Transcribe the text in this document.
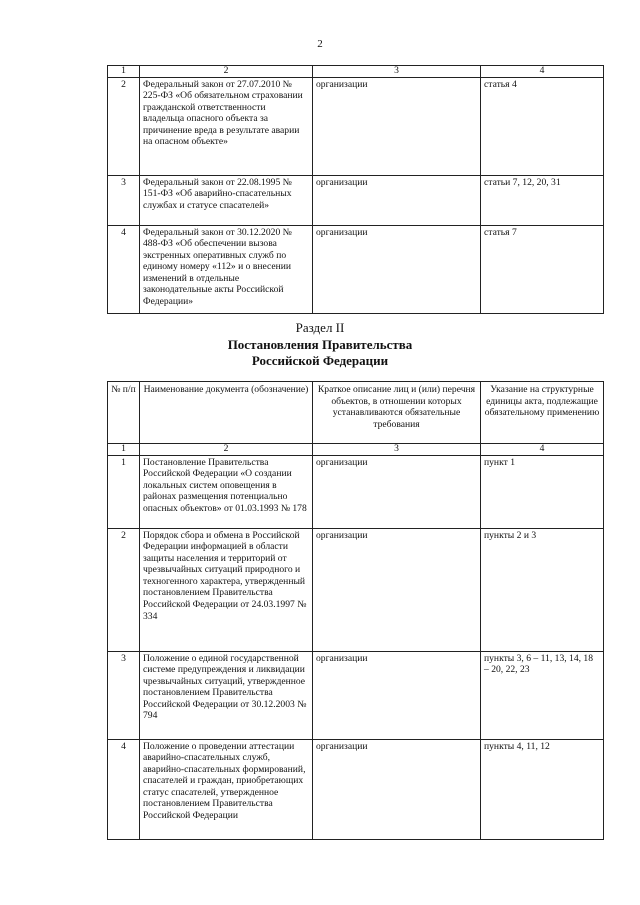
2
1	2	3	4
2	Федеральный закон от 27.07.2010 № 225-ФЗ «Об обязательном страховании гражданской ответственности владельца опасного объекта за причинение вреда в результате аварии на опасном объекте»	организации	статья 4
3	Федеральный закон от 22.08.1995 № 151-ФЗ «Об аварийно-спасательных службах и статусе спасателей»	организации	статьи 7, 12, 20, 31
4	Федеральный закон от 30.12.2020 № 488-ФЗ «Об обеспечении вызова экстренных оперативных служб по единому номеру «112» и о внесении изменений в отдельные законодательные акты Российской Федерации»	организации	статья 7
Раздел II
Постановления Правительства
Российской Федерации
№ п/п	Наименование документа (обозначение)	Краткое описание лиц и (или) перечня объектов, в отношении которых устанавливаются обязательные требования	Указание на структурные единицы акта, подлежащие обязательному применению
1	2	3	4
1	Постановление Правительства Российской Федерации «О создании локальных систем оповещения в районах размещения потенциально опасных объектов» от 01.03.1993 № 178	организации	пункт 1
2	Порядок сбора и обмена в Российской Федерации информацией в области защиты населения и территорий от чрезвычайных ситуаций природного и техногенного характера, утвержденный постановлением Правительства Российской Федерации от 24.03.1997 № 334	организации	пункты 2 и 3
3	Положение о единой государственной системе предупреждения и ликвидации чрезвычайных ситуаций, утвержденное постановлением Правительства Российской Федерации от 30.12.2003 № 794	организации	пункты 3, 6 – 11, 13, 14, 18 – 20, 22, 23
4	Положение о проведении аттестации аварийно-спасательных служб, аварийно-спасательных формирований, спасателей и граждан, приобретающих статус спасателей, утвержденное постановлением Правительства Российской Федерации	организации	пункты 4, 11, 12
